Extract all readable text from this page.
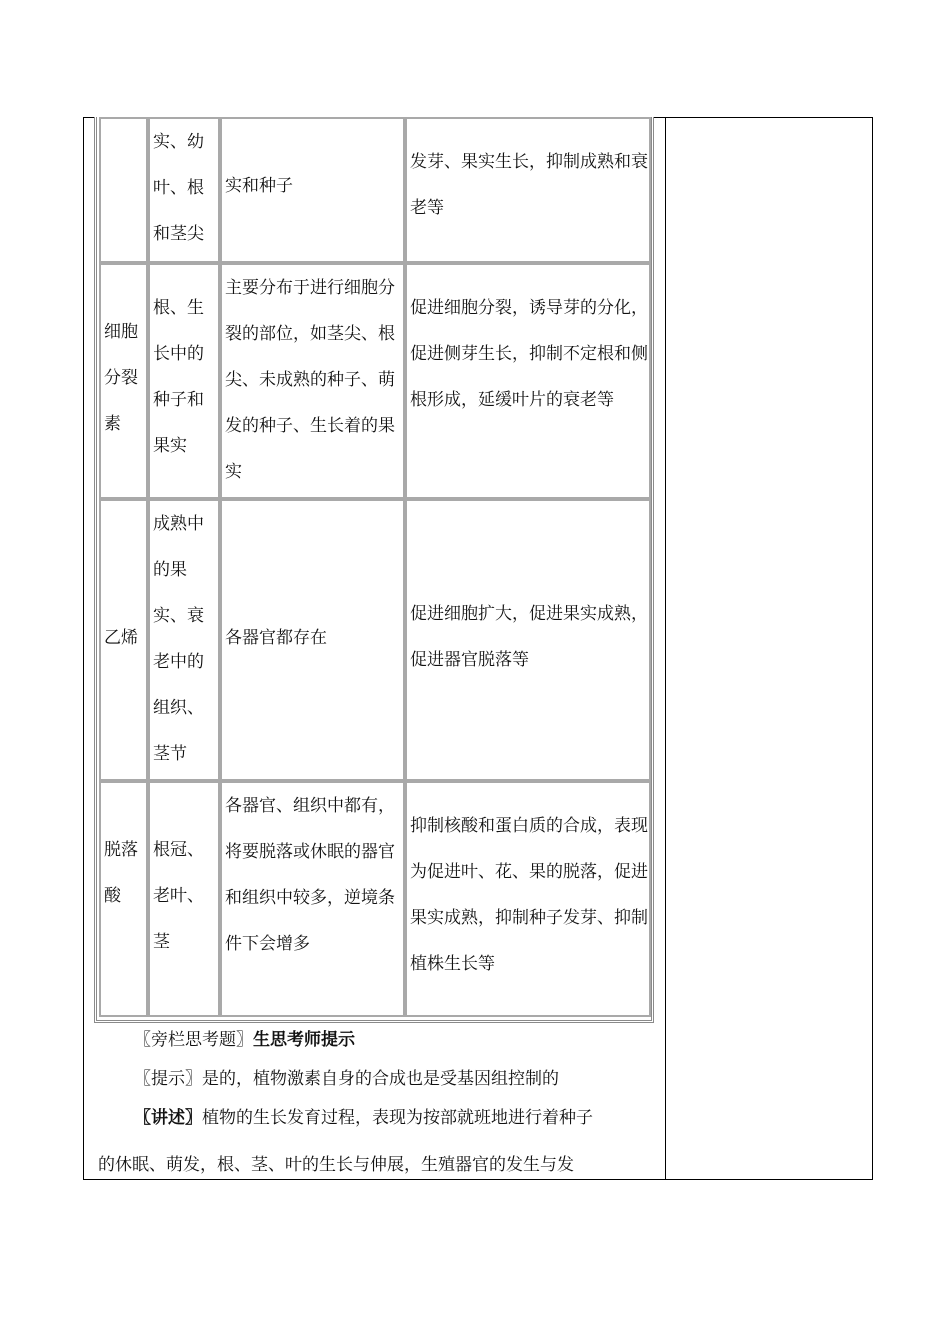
实、幼叶、根和茎尖
实和种子
发芽、果实生长，抑制成熟和衰老等
细胞分裂素
根、生长中的种子和果实
主要分布于进行细胞分裂的部位，如茎尖、根尖、未成熟的种子、萌发的种子、生长着的果实
促进细胞分裂，诱导芽的分化，促进侧芽生长，抑制不定根和侧根形成，延缓叶片的衰老等
乙烯
成熟中的果实、衰老中的组织、茎节
各器官都存在
促进细胞扩大，促进果实成熟，促进器官脱落等
脱落酸
根冠、老叶、茎
各器官、组织中都有，将要脱落或休眠的器官和组织中较多，逆境条件下会增多
抑制核酸和蛋白质的合成，表现为促进叶、花、果的脱落，促进果实成熟，抑制种子发芽、抑制植株生长等
〖旁栏思考题〗生思考师提示
〖提示〗是的，植物激素自身的合成也是受基因组控制的
〖讲述〗植物的生长发育过程，表现为按部就班地进行着种子
的休眠、萌发，根、茎、叶的生长与伸展，生殖器官的发生与发
